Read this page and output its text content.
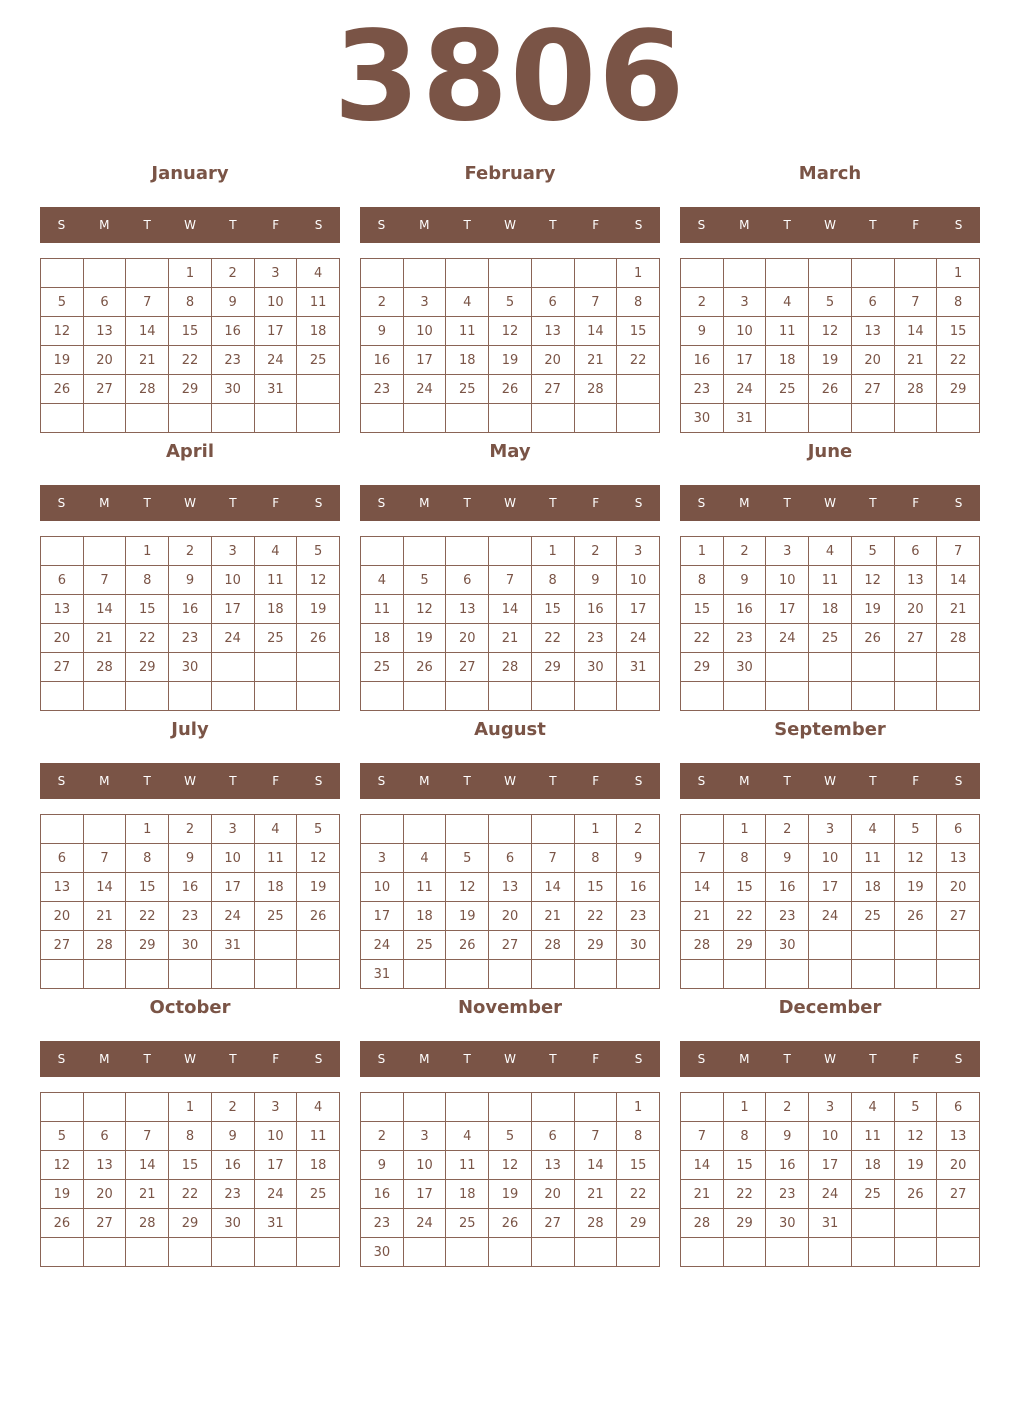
3806
January
S	M	T	W	T	F	S
			1	2	3	4
5	6	7	8	9	10	11
12	13	14	15	16	17	18
19	20	21	22	23	24	25
26	27	28	29	30	31	

February
S	M	T	W	T	F	S
						1
2	3	4	5	6	7	8
9	10	11	12	13	14	15
16	17	18	19	20	21	22
23	24	25	26	27	28	

March
S	M	T	W	T	F	S
						1
2	3	4	5	6	7	8
9	10	11	12	13	14	15
16	17	18	19	20	21	22
23	24	25	26	27	28	29
30	31					
April
S	M	T	W	T	F	S
		1	2	3	4	5
6	7	8	9	10	11	12
13	14	15	16	17	18	19
20	21	22	23	24	25	26
27	28	29	30			

May
S	M	T	W	T	F	S
				1	2	3
4	5	6	7	8	9	10
11	12	13	14	15	16	17
18	19	20	21	22	23	24
25	26	27	28	29	30	31

June
S	M	T	W	T	F	S
1	2	3	4	5	6	7
8	9	10	11	12	13	14
15	16	17	18	19	20	21
22	23	24	25	26	27	28
29	30					

July
S	M	T	W	T	F	S
		1	2	3	4	5
6	7	8	9	10	11	12
13	14	15	16	17	18	19
20	21	22	23	24	25	26
27	28	29	30	31		

August
S	M	T	W	T	F	S
					1	2
3	4	5	6	7	8	9
10	11	12	13	14	15	16
17	18	19	20	21	22	23
24	25	26	27	28	29	30
31						
September
S	M	T	W	T	F	S
	1	2	3	4	5	6
7	8	9	10	11	12	13
14	15	16	17	18	19	20
21	22	23	24	25	26	27
28	29	30				

October
S	M	T	W	T	F	S
			1	2	3	4
5	6	7	8	9	10	11
12	13	14	15	16	17	18
19	20	21	22	23	24	25
26	27	28	29	30	31	

November
S	M	T	W	T	F	S
						1
2	3	4	5	6	7	8
9	10	11	12	13	14	15
16	17	18	19	20	21	22
23	24	25	26	27	28	29
30						
December
S	M	T	W	T	F	S
	1	2	3	4	5	6
7	8	9	10	11	12	13
14	15	16	17	18	19	20
21	22	23	24	25	26	27
28	29	30	31			
